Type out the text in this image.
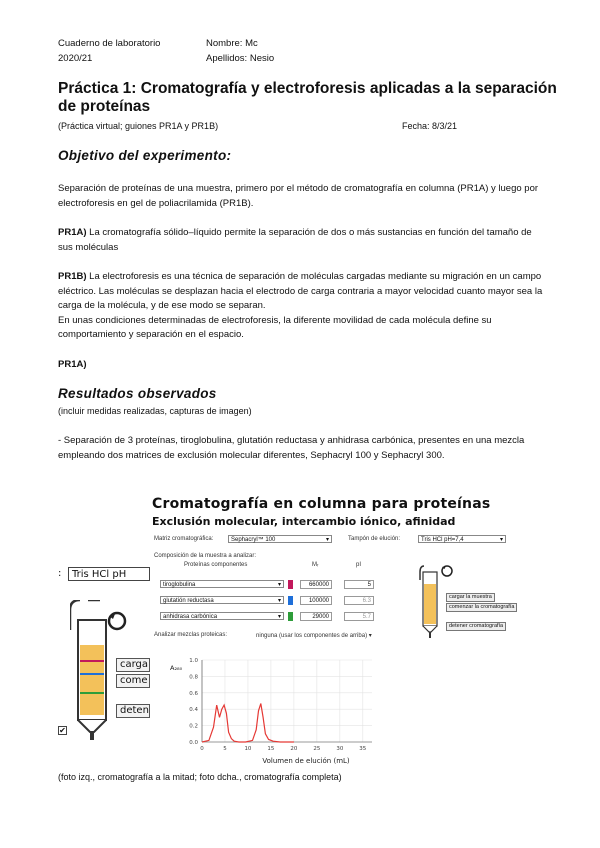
Cuaderno de laboratorio
2020/21
Nombre: Mc
Apellidos: Nesio
Práctica 1: Cromatografía y electroforesis aplicadas a la separación de proteínas
(Práctica virtual; guiones PR1A y PR1B)	Fecha: 8/3/21
Objetivo del experimento:
Separación de proteínas de una muestra, primero por el método de cromatografía en columna (PR1A) y luego por electroforesis en gel de poliacrilamida (PR1B).
PR1A) La cromatografía sólido–líquido permite la separación de dos o más sustancias en función del tamaño de sus moléculas
PR1B) La electroforesis es una técnica de separación de moléculas cargadas mediante su migración en un campo eléctrico. Las moléculas se desplazan hacia el electrodo de carga contraria a mayor velocidad cuanto mayor sea la carga de la molécula, y de ese modo se separan.
En unas condiciones determinadas de electroforesis, la diferente movilidad de cada molécula define su comportamiento y separación en el espacio.
PR1A)
Resultados observados
(incluir medidas realizadas, capturas de imagen)
- Separación de 3 proteínas, tiroglobulina, glutatión reductasa y anhidrasa carbónica, presentes en una mezcla empleando dos matrices de exclusión molecular diferentes, Sephacryl 100 y Sephacryl 300.
:	Tris HCl pH
carga
come
deten
✔
Cromatografía en columna para proteínas
Exclusión molecular, intercambio iónico, afinidad
Matriz cromatográfica:	Sephacryl™ 100	▾	Tampón de elución:	Tris HCl pH=7,4	▾
Composición de la muestra a analizar:
Proteínas componentes	Mᵣ	pI
tiroglobulina	▾	660000	5
glutatión reductasa	▾	100000	6.3
anhidrasa carbónica	▾	29000	5.7
Analizar mezclas proteicas:	ninguna (usar los componentes de arriba) ▾
cargar la muestra
comenzar la cromatografía
detener cromatografía
A₂₈₀
Volumen de elución (mL)
0.0
0.2
0.4
0.6
0.8
1.0
0	5	10	15	20	25	30	35
(foto izq., cromatografía a la mitad; foto dcha., cromatografía completa)
